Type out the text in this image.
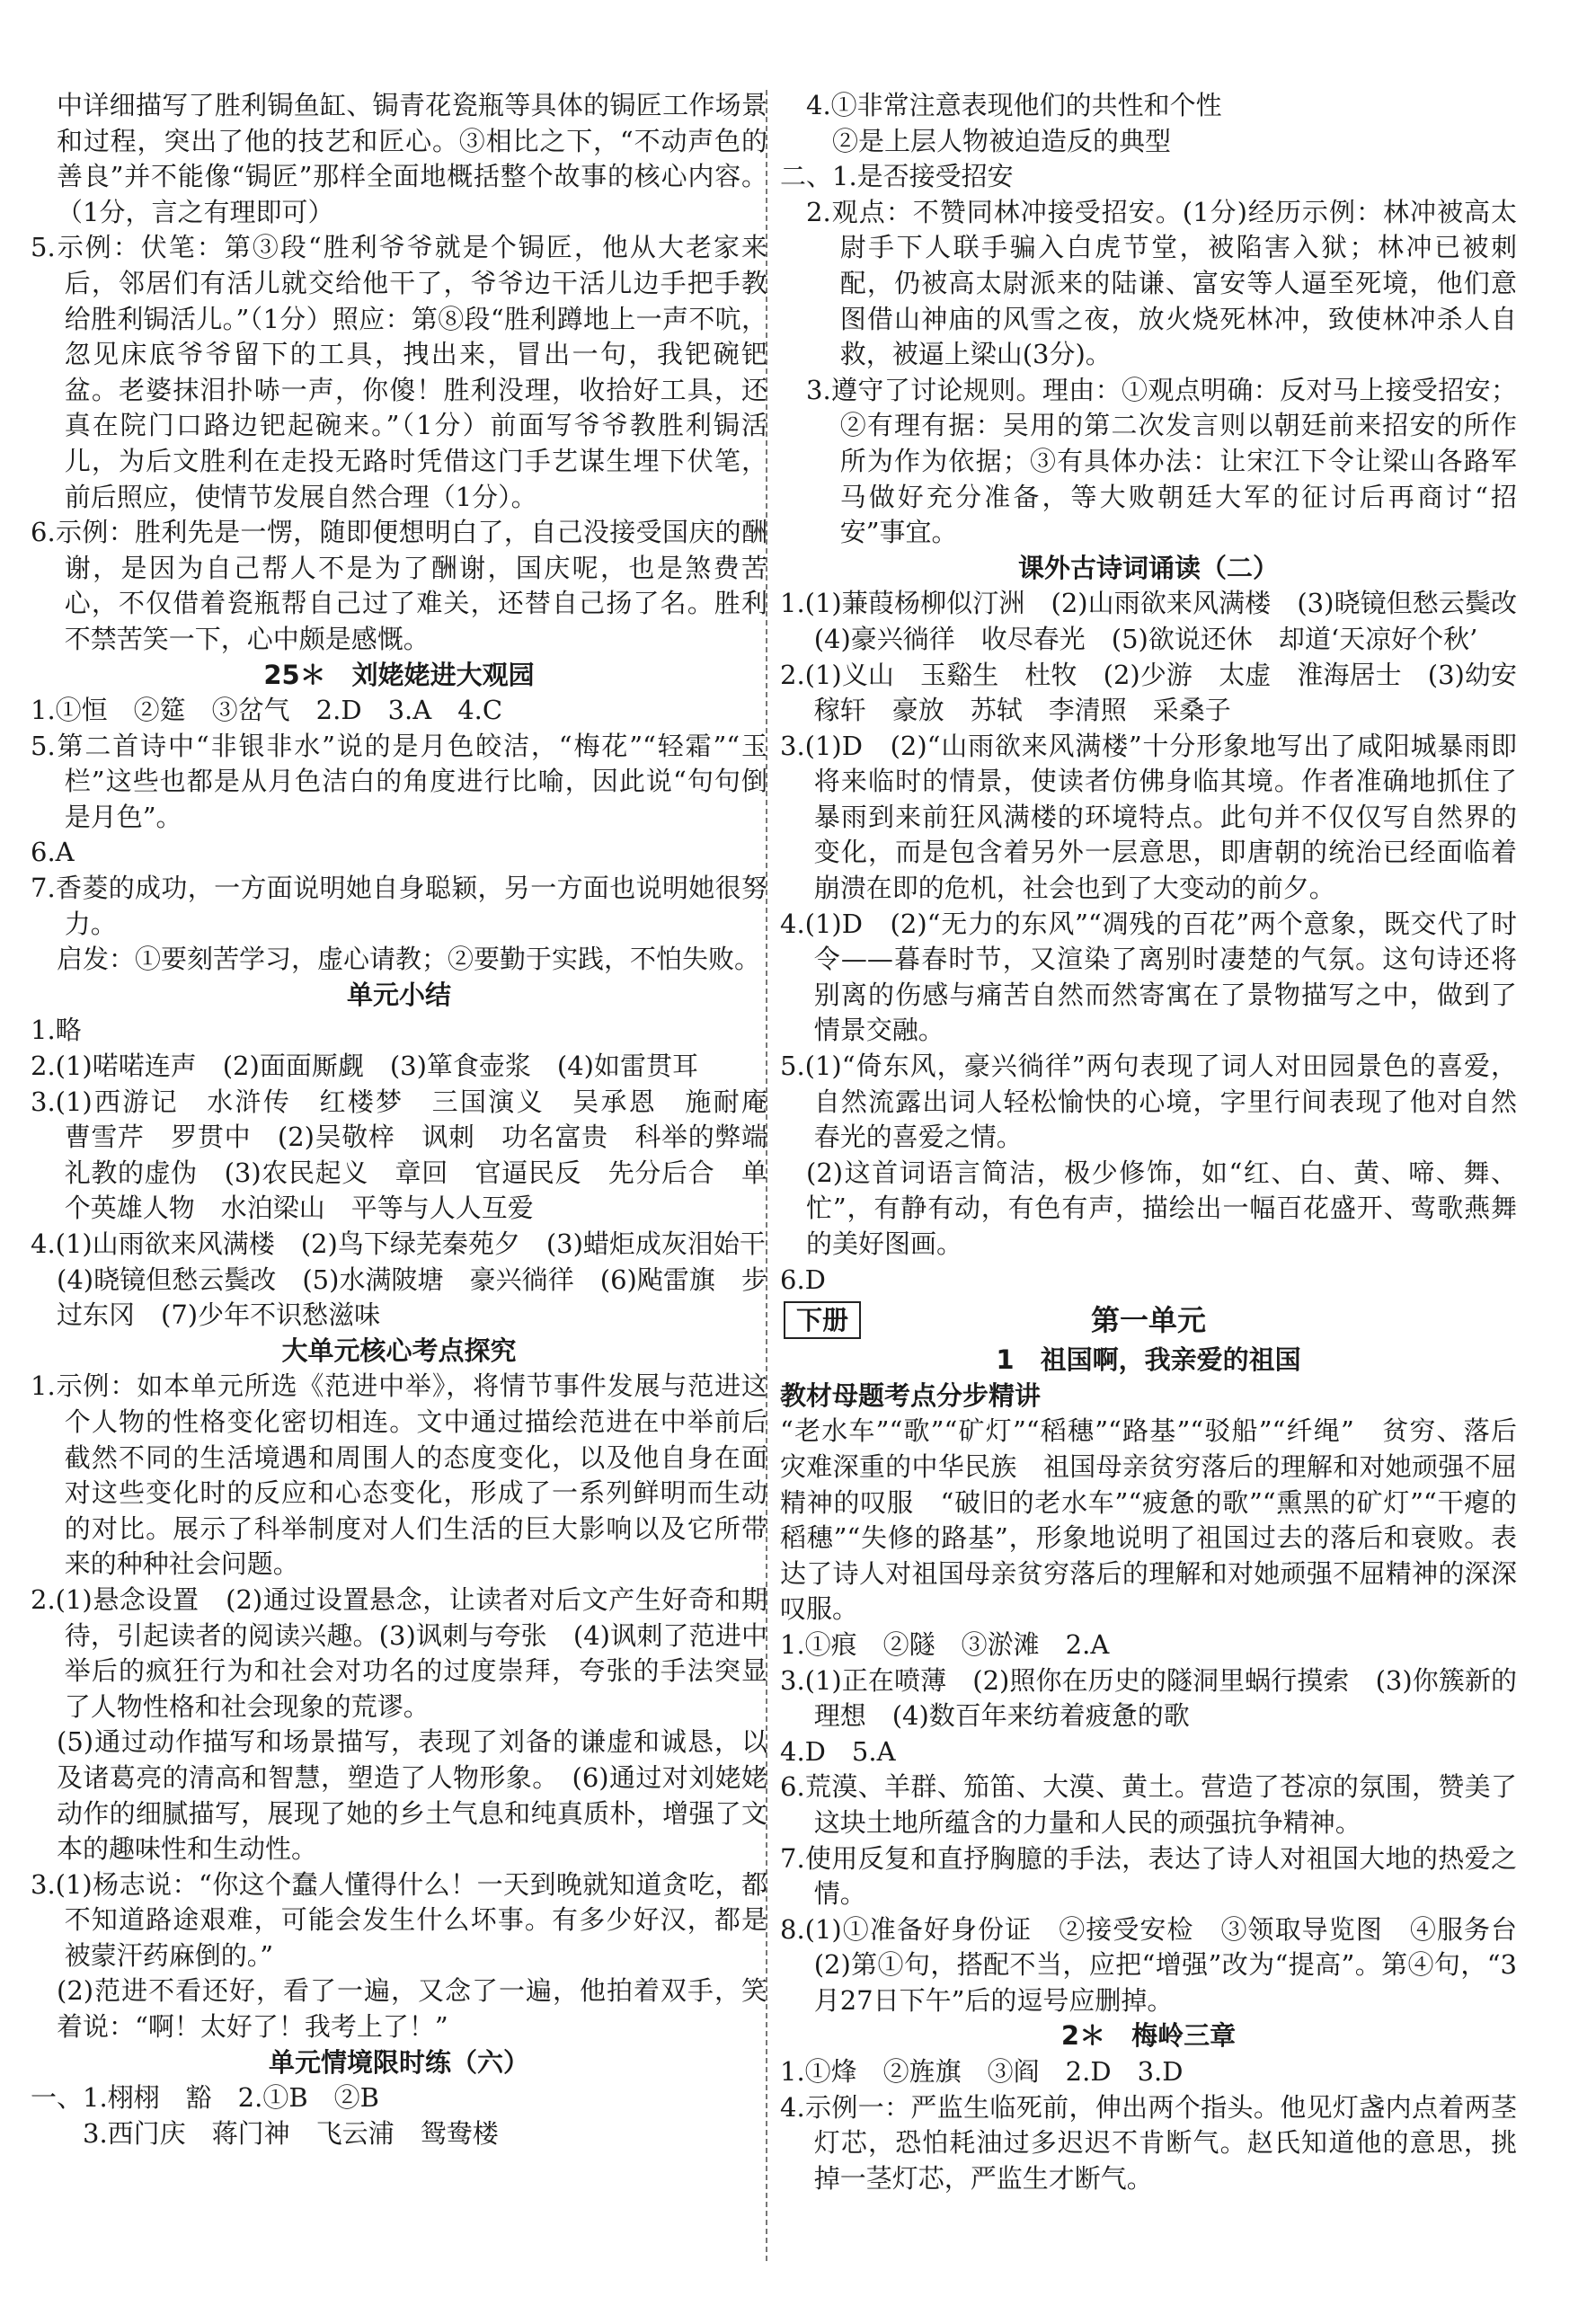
中详细描写了胜利锔鱼缸、锔青花瓷瓶等具体的锔匠工作场景和过程，突出了他的技艺和匠心。③相比之下，“不动声色的善良”并不能像“锔匠”那样全面地概括整个故事的核心内容。（1分，言之有理即可）

5.示例：伏笔：第③段“胜利爷爷就是个锔匠，他从大老家来后，邻居们有活儿就交给他干了，爷爷边干活儿边手把手教给胜利锔活儿。”（1分）照应：第⑧段“胜利蹲地上一声不吭，忽见床底爷爷留下的工具，拽出来，冒出一句，我钯碗钯盆。老婆抹泪扑哧一声，你傻！胜利没理，收拾好工具，还真在院门口路边钯起碗来。”（1分）前面写爷爷教胜利锔活儿，为后文胜利在走投无路时凭借这门手艺谋生埋下伏笔，前后照应，使情节发展自然合理（1分）。

6.示例：胜利先是一愣，随即便想明白了，自己没接受国庆的酬谢，是因为自己帮人不是为了酬谢，国庆呢，也是煞费苦心，不仅借着瓷瓶帮自己过了难关，还替自己扬了名。胜利不禁苦笑一下，心中颇是感慨。

25＊　刘姥姥进大观园

1.①恒　②筵　③岔气　2.D　3.A　4.C

5.第二首诗中“非银非水”说的是月色皎洁，“梅花”“轻霜”“玉栏”这些也都是从月色洁白的角度进行比喻，因此说“句句倒是月色”。

6.A

7.香菱的成功，一方面说明她自身聪颖，另一方面也说明她很努力。

启发：①要刻苦学习，虚心请教；②要勤于实践，不怕失败。

单元小结

1.略

2.(1)喏喏连声　(2)面面厮觑　(3)箪食壶浆　(4)如雷贯耳

3.(1)西游记　水浒传　红楼梦　三国演义　吴承恩　施耐庵　曹雪芹　罗贯中　(2)吴敬梓　讽刺　功名富贵　科举的弊端　礼教的虚伪　(3)农民起义　章回　官逼民反　先分后合　单个英雄人物　水泊梁山　平等与人人互爱

4.(1)山雨欲来风满楼　(2)鸟下绿芜秦苑夕　(3)蜡炬成灰泪始干

(4)晓镜但愁云鬓改　(5)水满陂塘　豪兴徜徉　(6)飐雷旗　步过东冈　(7)少年不识愁滋味

大单元核心考点探究

1.示例：如本单元所选《范进中举》，将情节事件发展与范进这个人物的性格变化密切相连。文中通过描绘范进在中举前后截然不同的生活境遇和周围人的态度变化，以及他自身在面对这些变化时的反应和心态变化，形成了一系列鲜明而生动的对比。展示了科举制度对人们生活的巨大影响以及它所带来的种种社会问题。

2.(1)悬念设置　(2)通过设置悬念，让读者对后文产生好奇和期待，引起读者的阅读兴趣。(3)讽刺与夸张　(4)讽刺了范进中举后的疯狂行为和社会对功名的过度崇拜，夸张的手法突显了人物性格和社会现象的荒谬。

(5)通过动作描写和场景描写，表现了刘备的谦虚和诚恳，以及诸葛亮的清高和智慧，塑造了人物形象。　(6)通过对刘姥姥动作的细腻描写，展现了她的乡土气息和纯真质朴，增强了文本的趣味性和生动性。

3.(1)杨志说：“你这个蠢人懂得什么！一天到晚就知道贪吃，都不知道路途艰难，可能会发生什么坏事。有多少好汉，都是被蒙汗药麻倒的。”

(2)范进不看还好，看了一遍，又念了一遍，他拍着双手，笑着说：“啊！太好了！我考上了！”

单元情境限时练（六）

一、1.栩栩　豁　2.①B　②B

3.西门庆　蒋门神　飞云浦　鸳鸯楼

4.①非常注意表现他们的共性和个性

②是上层人物被迫造反的典型

二、1.是否接受招安

2.观点：不赞同林冲接受招安。(1分)经历示例：林冲被高太尉手下人联手骗入白虎节堂，被陷害入狱；林冲已被刺配，仍被高太尉派来的陆谦、富安等人逼至死境，他们意图借山神庙的风雪之夜，放火烧死林冲，致使林冲杀人自救，被逼上梁山(3分)。

3.遵守了讨论规则。理由：①观点明确：反对马上接受招安；②有理有据：吴用的第二次发言则以朝廷前来招安的所作所为作为依据；③有具体办法：让宋江下令让梁山各路军马做好充分准备，等大败朝廷大军的征讨后再商讨“招安”事宜。

课外古诗词诵读（二）

1.(1)蒹葭杨柳似汀洲　(2)山雨欲来风满楼　(3)晓镜但愁云鬓改　(4)豪兴徜徉　收尽春光　(5)欲说还休　却道‘天凉好个秋’

2.(1)义山　玉谿生　杜牧　(2)少游　太虚　淮海居士　(3)幼安　稼轩　豪放　苏轼　李清照　采桑子

3.(1)D　(2)“山雨欲来风满楼”十分形象地写出了咸阳城暴雨即将来临时的情景，使读者仿佛身临其境。作者准确地抓住了暴雨到来前狂风满楼的环境特点。此句并不仅仅写自然界的变化，而是包含着另外一层意思，即唐朝的统治已经面临着崩溃在即的危机，社会也到了大变动的前夕。

4.(1)D　(2)“无力的东风”“凋残的百花”两个意象，既交代了时令——暮春时节，又渲染了离别时凄楚的气氛。这句诗还将别离的伤感与痛苦自然而然寄寓在了景物描写之中，做到了情景交融。

5.(1)“倚东风，豪兴徜徉”两句表现了词人对田园景色的喜爱，自然流露出词人轻松愉快的心境，字里行间表现了他对自然春光的喜爱之情。

(2)这首词语言简洁，极少修饰，如“红、白、黄、啼、舞、忙”，有静有动，有色有声，描绘出一幅百花盛开、莺歌燕舞的美好图画。

6.D

下册	第一单元

1　祖国啊，我亲爱的祖国

教材母题考点分步精讲

“老水车”“歌”“矿灯”“稻穗”“路基”“驳船”“纤绳”　贫穷、落后　灾难深重的中华民族　祖国母亲贫穷落后的理解和对她顽强不屈精神的叹服　“破旧的老水车”“疲惫的歌”“熏黑的矿灯”“干瘪的稻穗”“失修的路基”，形象地说明了祖国过去的落后和衰败。表达了诗人对祖国母亲贫穷落后的理解和对她顽强不屈精神的深深叹服。

1.①痕　②隧　③淤滩　2.A

3.(1)正在喷薄　(2)照你在历史的隧洞里蜗行摸索　(3)你簇新的理想　(4)数百年来纺着疲惫的歌

4.D　5.A

6.荒漠、羊群、笳笛、大漠、黄土。营造了苍凉的氛围，赞美了这块土地所蕴含的力量和人民的顽强抗争精神。

7.使用反复和直抒胸臆的手法，表达了诗人对祖国大地的热爱之情。

8.(1)①准备好身份证　②接受安检　③领取导览图　④服务台　(2)第①句，搭配不当，应把“增强”改为“提高”。第④句，“3月27日下午”后的逗号应删掉。

2＊　梅岭三章

1.①烽　②旌旗　③阎　2.D　3.D

4.示例一：严监生临死前，伸出两个指头。他见灯盏内点着两茎灯芯，恐怕耗油过多迟迟不肯断气。赵氏知道他的意思，挑掉一茎灯芯，严监生才断气。
